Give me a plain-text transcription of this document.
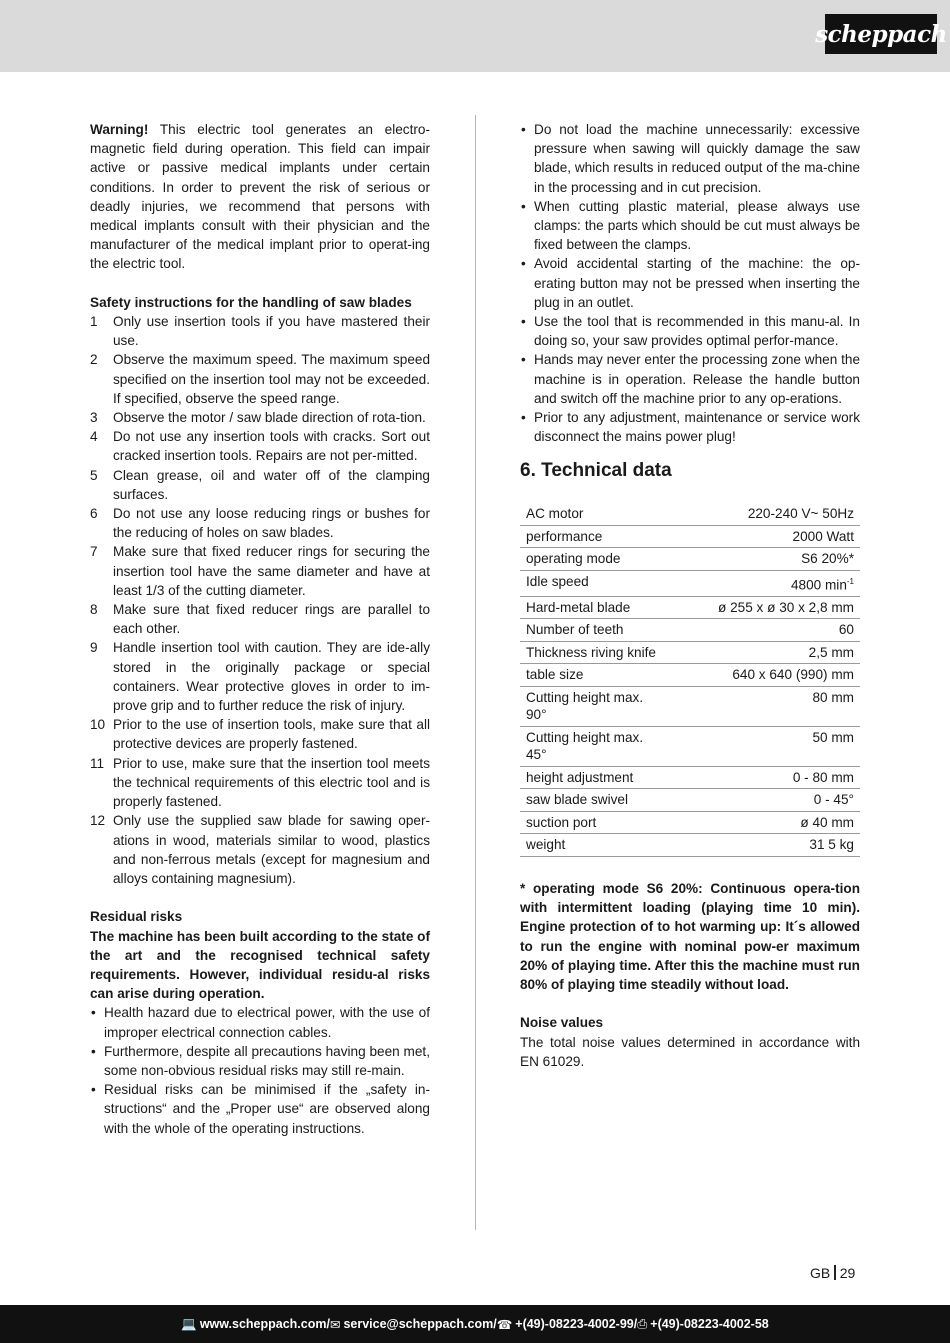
scheppach

Warning! This electric tool generates an electro-magnetic field during operation. This field can impair active or passive medical implants under certain conditions. In order to prevent the risk of serious or deadly injuries, we recommend that persons with medical implants consult with their physician and the manufacturer of the medical implant prior to operat-ing the electric tool.

Safety instructions for the handling of saw blades
1 Only use insertion tools if you have mastered their use.
2 Observe the maximum speed. The maximum speed specified on the insertion tool may not be exceeded. If specified, observe the speed range.
3 Observe the motor / saw blade direction of rota-tion.
4 Do not use any insertion tools with cracks. Sort out cracked insertion tools. Repairs are not per-mitted.
5 Clean grease, oil and water off of the clamping surfaces.
6 Do not use any loose reducing rings or bushes for the reducing of holes on saw blades.
7 Make sure that fixed reducer rings for securing the insertion tool have the same diameter and have at least 1/3 of the cutting diameter.
8 Make sure that fixed reducer rings are parallel to each other.
9 Handle insertion tool with caution. They are ide-ally stored in the originally package or special containers. Wear protective gloves in order to im-prove grip and to further reduce the risk of injury.
10 Prior to the use of insertion tools, make sure that all protective devices are properly fastened.
11 Prior to use, make sure that the insertion tool meets the technical requirements of this electric tool and is properly fastened.
12 Only use the supplied saw blade for sawing oper-ations in wood, materials similar to wood, plastics and non-ferrous metals (except for magnesium and alloys containing magnesium).
Residual risks

The machine has been built according to the state of the art and the recognised technical safety requirements. However, individual residu-al risks can arise during operation.

• Health hazard due to electrical power, with the use of improper electrical connection cables.
• Furthermore, despite all precautions having been met, some non-obvious residual risks may still re-main.
• Residual risks can be minimised if the „safety in-structions“ and the „Proper use“ are observed along with the whole of the operating instructions.
• Do not load the machine unnecessarily: excessive pressure when sawing will quickly damage the saw blade, which results in reduced output of the ma-chine in the processing and in cut precision.
• When cutting plastic material, please always use clamps: the parts which should be cut must always be fixed between the clamps.
• Avoid accidental starting of the machine: the op-erating button may not be pressed when inserting the plug in an outlet.
• Use the tool that is recommended in this manu-al. In doing so, your saw provides optimal perfor-mance.
• Hands may never enter the processing zone when the machine is in operation. Release the handle button and switch off the machine prior to any op-erations.
• Prior to any adjustment, maintenance or service work disconnect the mains power plug!
6. Technical data
AC motor	220-240 V~ 50Hz
performance	2000 Watt
operating mode	S6 20%*
Idle speed	4800 $\min^{-1}$
Hard-metal blade	ø 255 x ø 30 x 2,8 mm
Number of teeth	60
Thickness riving knife	2,5 mm
table size	640 x 640 (990) mm
Cutting height max. 90°	80 mm
Cutting height max. 45°	50 mm
height adjustment	0 - 80 mm
saw blade swivel	0 - 45°
suction port	ø 40 mm
weight	31 5 kg

* operating mode S6 20%: Continuous opera-tion with intermittent loading (playing time 10 min). Engine protection of to hot warming up: It´s allowed to run the engine with nominal pow-er maximum 20% of playing time. After this the machine must run 80% of playing time steadily without load.

Noise values

The total noise values determined in accordance with EN 61029.

GB 29
💻 www.scheppach.com / ✉ service@scheppach.com / ☎ +(49)-08223-4002-99 / ⎙ +(49)-08223-4002-58
